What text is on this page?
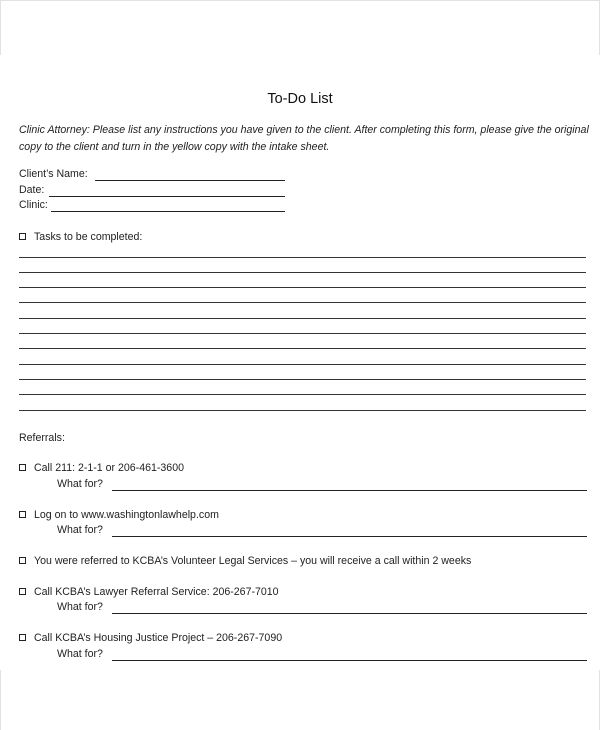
To-Do List
Clinic Attorney: Please list any instructions you have given to the client. After completing this form, please give the original copy to the client and turn in the yellow copy with the intake sheet.
Client’s Name:
Date:
Clinic:
Tasks to be completed:
Referrals:
Call 211: 2-1-1 or 206-461-3600
What for?
Log on to www.washingtonlawhelp.com
What for?
You were referred to KCBA’s Volunteer Legal Services – you will receive a call within 2 weeks
Call KCBA’s Lawyer Referral Service: 206-267-7010
What for?
Call KCBA’s Housing Justice Project – 206-267-7090
What for?
